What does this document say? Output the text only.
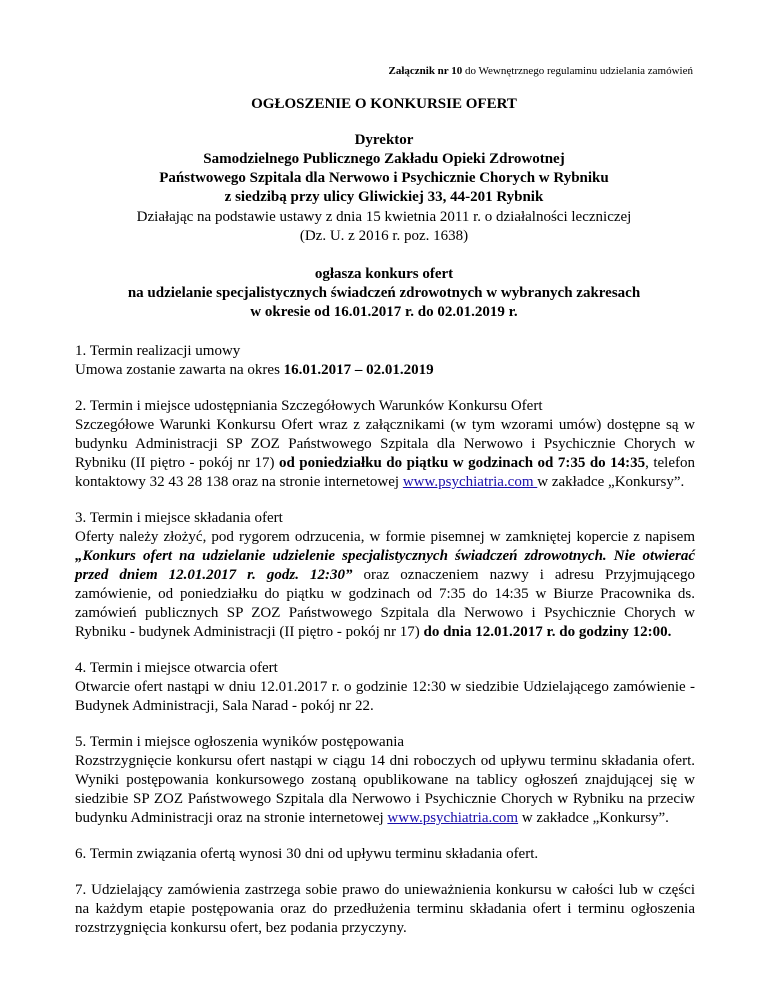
Załącznik nr 10 do Wewnętrznego regulaminu udzielania zamówień
OGŁOSZENIE O KONKURSIE OFERT
Dyrektor
Samodzielnego Publicznego Zakładu Opieki Zdrowotnej
Państwowego Szpitala dla Nerwowo i Psychicznie Chorych w Rybniku
z siedzibą przy ulicy Gliwickiej 33, 44-201 Rybnik
Działając na podstawie ustawy z dnia 15 kwietnia 2011 r. o działalności leczniczej
(Dz. U. z 2016 r. poz. 1638)
ogłasza konkurs ofert
na udzielanie specjalistycznych świadczeń zdrowotnych w wybranych zakresach
w okresie od 16.01.2017 r. do 02.01.2019 r.

1. Termin realizacji umowy

Umowa zostanie zawarta na okres 16.01.2017 – 02.01.2019

2. Termin i miejsce udostępniania Szczegółowych Warunków Konkursu Ofert

Szczegółowe Warunki Konkursu Ofert wraz z załącznikami (w tym wzorami umów) dostępne są w budynku Administracji SP ZOZ Państwowego Szpitala dla Nerwowo i Psychicznie Chorych w Rybniku (II piętro - pokój nr 17) od poniedziałku do piątku w godzinach od 7:35 do 14:35, telefon kontaktowy 32 43 28 138 oraz na stronie internetowej www.psychiatria.com w zakładce „Konkursy”.

3. Termin i miejsce składania ofert

Oferty należy złożyć, pod rygorem odrzucenia, w formie pisemnej w zamkniętej kopercie z napisem „Konkurs ofert na udzielanie udzielenie specjalistycznych świadczeń zdrowotnych. Nie otwierać przed dniem 12.01.2017 r. godz. 12:30” oraz oznaczeniem nazwy i adresu Przyjmującego zamówienie, od poniedziałku do piątku w godzinach od 7:35 do 14:35 w Biurze Pracownika ds. zamówień publicznych SP ZOZ Państwowego Szpitala dla Nerwowo i Psychicznie Chorych w Rybniku - budynek Administracji (II piętro - pokój nr 17) do dnia 12.01.2017 r. do godziny 12:00.

4. Termin i miejsce otwarcia ofert

Otwarcie ofert nastąpi w dniu 12.01.2017 r. o godzinie 12:30 w siedzibie Udzielającego zamówienie - Budynek Administracji, Sala Narad - pokój nr 22.

5. Termin i miejsce ogłoszenia wyników postępowania

Rozstrzygnięcie konkursu ofert nastąpi w ciągu 14 dni roboczych od upływu terminu składania ofert. Wyniki postępowania konkursowego zostaną opublikowane na tablicy ogłoszeń znajdującej się w siedzibie SP ZOZ Państwowego Szpitala dla Nerwowo i Psychicznie Chorych w Rybniku na przeciw budynku Administracji oraz na stronie internetowej www.psychiatria.com w zakładce „Konkursy”.

6. Termin związania ofertą wynosi 30 dni od upływu terminu składania ofert.

7. Udzielający zamówienia zastrzega sobie prawo do unieważnienia konkursu w całości lub w części na każdym etapie postępowania oraz do przedłużenia terminu składania ofert i terminu ogłoszenia rozstrzygnięcia konkursu ofert, bez podania przyczyny.
